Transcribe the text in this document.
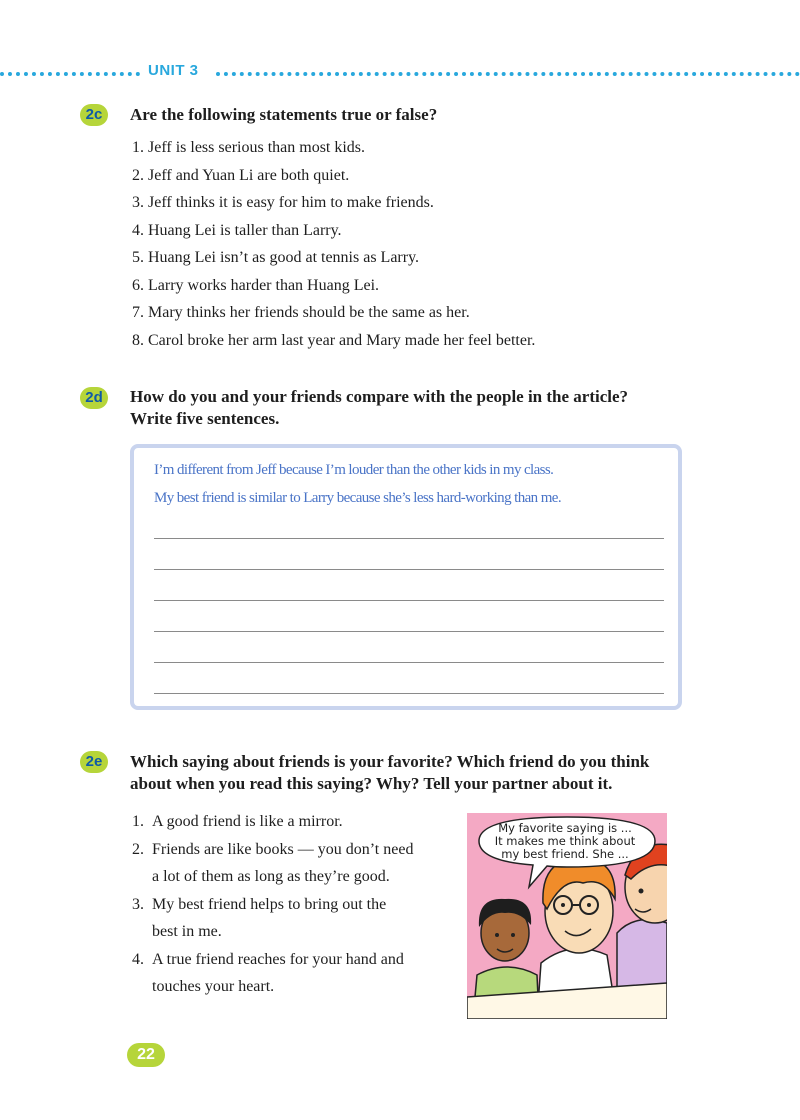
UNIT 3
2c	Are the following statements true or false?
1. Jeff is less serious than most kids.
2. Jeff and Yuan Li are both quiet.
3. Jeff thinks it is easy for him to make friends.
4. Huang Lei is taller than Larry.
5. Huang Lei isn’t as good at tennis as Larry.
6. Larry works harder than Huang Lei.
7. Mary thinks her friends should be the same as her.
8. Carol broke her arm last year and Mary made her feel better.
2d	How do you and your friends compare with the people in the article?
Write five sentences.
I’m different from Jeff because I’m louder than the other kids in my class.
My best friend is similar to Larry because she’s less hard-working than me.
2e	Which saying about friends is your favorite? Which friend do you think
about when you read this saying? Why? Tell your partner about it.
1. A good friend is like a mirror.
2. Friends are like books — you don’t need
a lot of them as long as they’re good.
3. My best friend helps to bring out the
best in me.
4. A true friend reaches for your hand and
touches your heart.
My favorite saying is ...
It makes me think about
my best friend. She ...
22
